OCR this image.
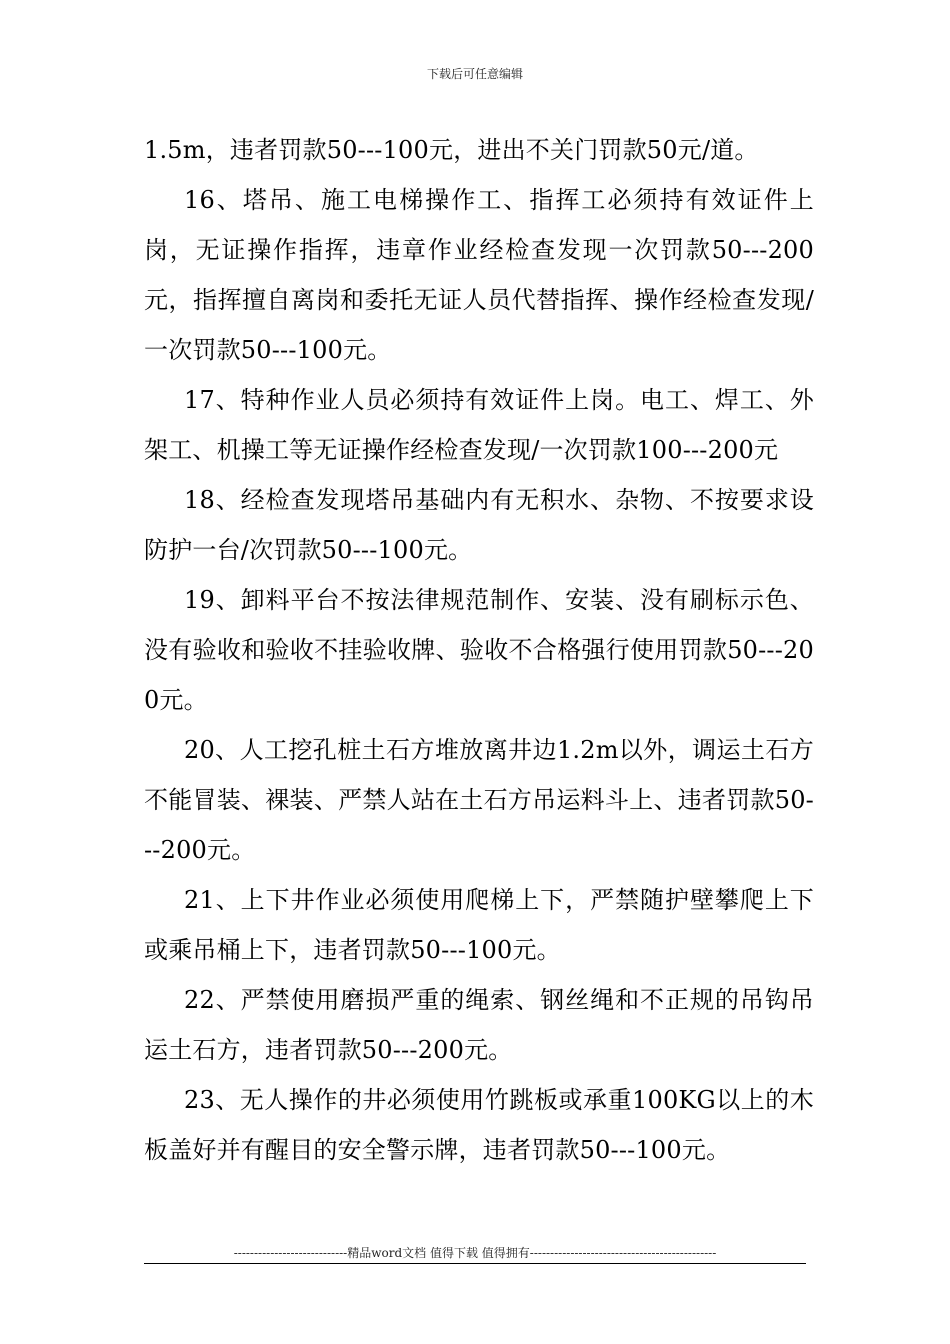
下载后可任意编辑

1.5m，违者罚款50---100元，进出不关门罚款50元/道。

16、塔吊、施工电梯操作工、指挥工必须持有效证件上岗，无证操作指挥，违章作业经检查发现一次罚款50---200元，指挥擅自离岗和委托无证人员代替指挥、操作经检查发现/一次罚款50---100元。

17、特种作业人员必须持有效证件上岗。电工、焊工、外架工、机操工等无证操作经检查发现/一次罚款100---200元

18、经检查发现塔吊基础内有无积水、杂物、不按要求设防护一台/次罚款50---100元。

19、卸料平台不按法律规范制作、安装、没有刷标示色、没有验收和验收不挂验收牌、验收不合格强行使用罚款50---200元。

20、人工挖孔桩土石方堆放离井边1.2m以外，调运土石方不能冒装、裸装、严禁人站在土石方吊运料斗上、违者罚款50---200元。

21、上下井作业必须使用爬梯上下，严禁随护壁攀爬上下或乘吊桶上下，违者罚款50---100元。

22、严禁使用磨损严重的绳索、钢丝绳和不正规的吊钩吊运土石方，违者罚款50---200元。

23、无人操作的井必须使用竹跳板或承重100KG以上的木板盖好并有醒目的安全警示牌，违者罚款50---100元。

----------------------------精品word文档 值得下载 值得拥有----------------------------------------------
